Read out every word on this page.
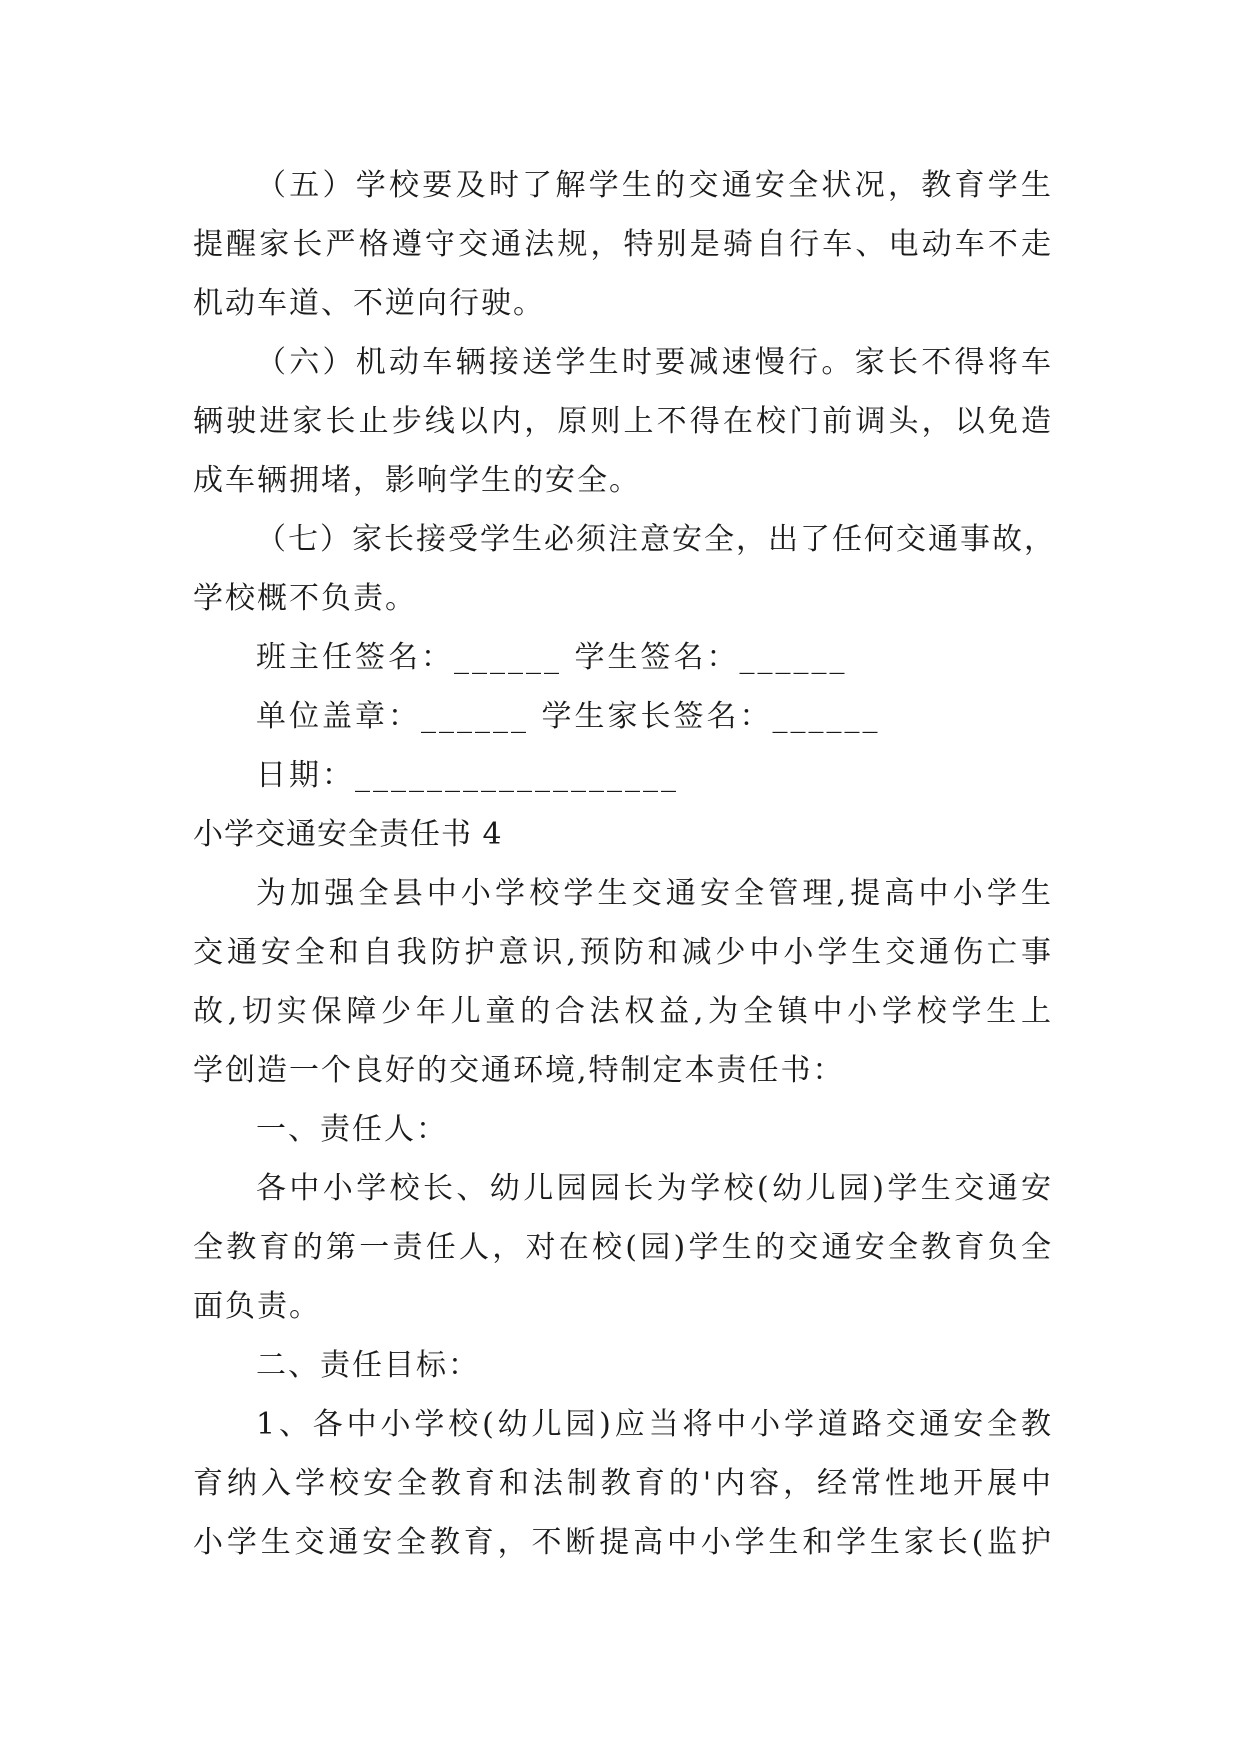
（五）学校要及时了解学生的交通安全状况，教育学生
提醒家长严格遵守交通法规，特别是骑自行车、电动车不走
机动车道、不逆向行驶。
（六）机动车辆接送学生时要减速慢行。家长不得将车
辆驶进家长止步线以内，原则上不得在校门前调头，以免造
成车辆拥堵，影响学生的安全。
（七）家长接受学生必须注意安全，出了任何交通事故，
学校概不负责。
班主任签名：______ 学生签名：______
单位盖章：______ 学生家长签名：______
日期：__________________
小学交通安全责任书 4
为加强全县中小学校学生交通安全管理,提高中小学生
交通安全和自我防护意识,预防和减少中小学生交通伤亡事
故,切实保障少年儿童的合法权益,为全镇中小学校学生上
学创造一个良好的交通环境,特制定本责任书：
一、责任人：
各中小学校长、幼儿园园长为学校(幼儿园)学生交通安
全教育的第一责任人，对在校(园)学生的交通安全教育负全
面负责。
二、责任目标：
1、各中小学校(幼儿园)应当将中小学道路交通安全教
育纳入学校安全教育和法制教育的'内容，经常性地开展中
小学生交通安全教育，不断提高中小学生和学生家长(监护
